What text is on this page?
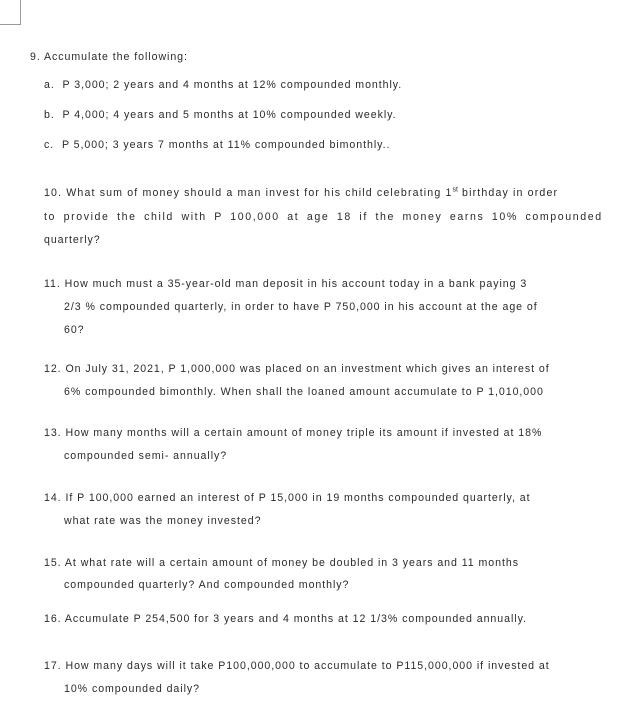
9. Accumulate the following:
a. P 3,000; 2 years and 4 months at 12% compounded monthly.
b. P 4,000; 4 years and 5 months at 10% compounded weekly.
c. P 5,000; 3 years 7 months at 11% compounded bimonthly..
10. What sum of money should a man invest for his child celebrating 1st birthday in order
to provide the child with P 100,000 at age 18 if the money earns 10% compounded
quarterly?
11. How much must a 35-year-old man deposit in his account today in a bank paying 3
2/3 % compounded quarterly, in order to have P 750,000 in his account at the age of
60?
12. On July 31, 2021, P 1,000,000 was placed on an investment which gives an interest of
6% compounded bimonthly. When shall the loaned amount accumulate to P 1,010,000
13. How many months will a certain amount of money triple its amount if invested at 18%
compounded semi- annually?
14. If P 100,000 earned an interest of P 15,000 in 19 months compounded quarterly, at
what rate was the money invested?
15. At what rate will a certain amount of money be doubled in 3 years and 11 months
compounded quarterly? And compounded monthly?
16. Accumulate P 254,500 for 3 years and 4 months at 12 1/3% compounded annually.
17. How many days will it take P100,000,000 to accumulate to P115,000,000 if invested at
10% compounded daily?
